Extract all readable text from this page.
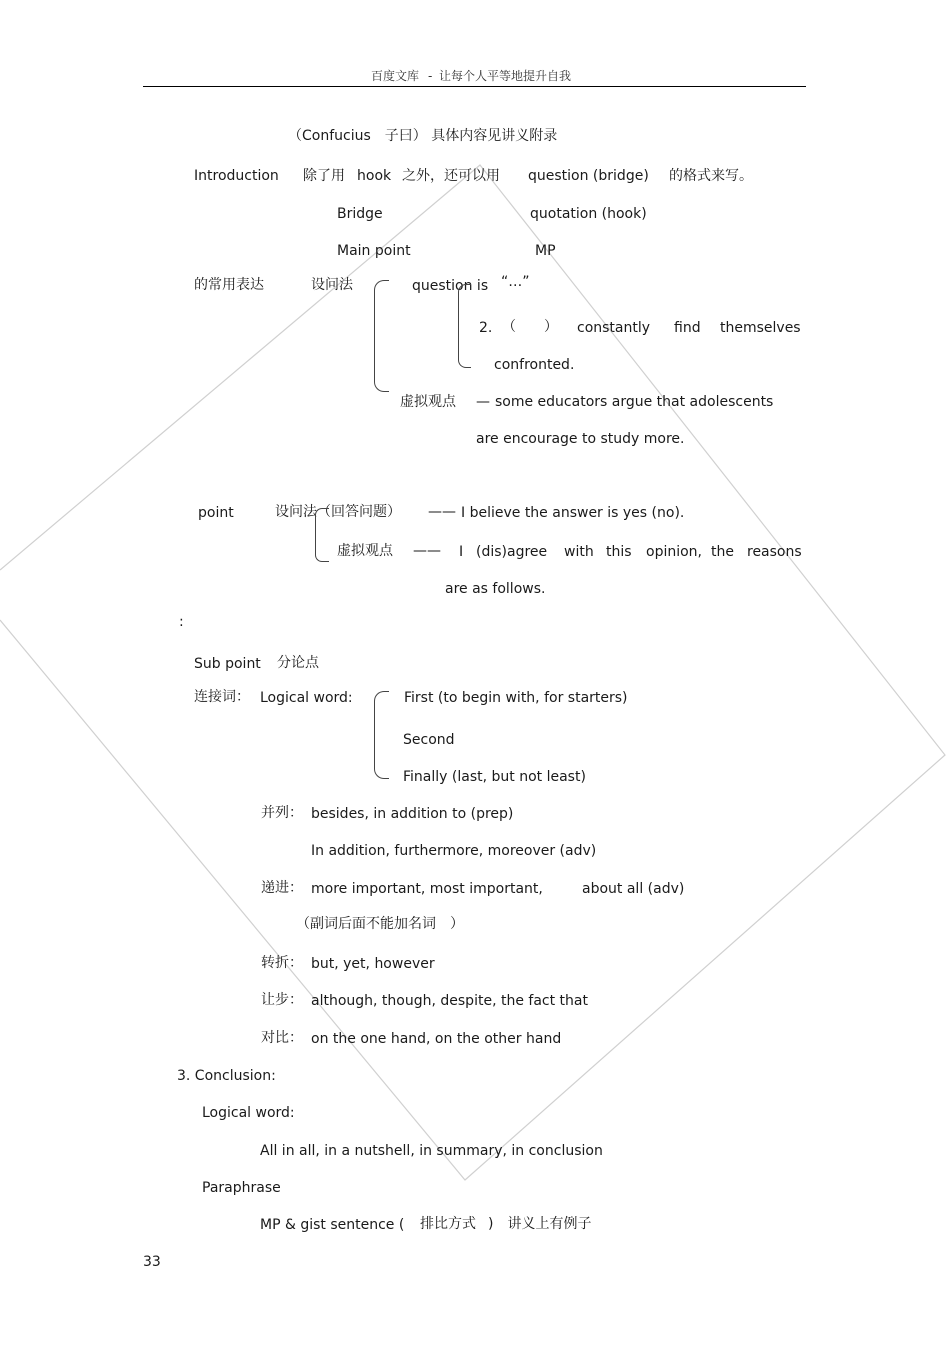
百度文库 - 让每个人平等地提升自我
（Confucius　子曰） 具体内容见讲义附录
Introduction 除了用 hook 之外，还可以用 question (bridge) 的格式来写。
Bridge	quotation (hook)
Main point	MP
的常用表达	设问法	question is “…”
2. （　　） constantly find themselves
confronted.
虚拟观点 — some educators argue that adolescents
are encourage to study more.
point	设问法（回答问题） —— I believe the answer is yes (no).
虚拟观点 —— I (dis)agree with this opinion, the reasons
are as follows.
:
Sub point 分论点
连接词： Logical word:	First (to begin with, for starters)
Second
Finally (last, but not least)
并列： besides, in addition to (prep)
In addition, furthermore, moreover (adv)
递进： more important, most important,	about all (adv)
（副词后面不能加名词　）
转折： but, yet, however
让步： although, though, despite, the fact that
对比： on the one hand, on the other hand
3. Conclusion:
Logical word:
All in all, in a nutshell, in summary, in conclusion
Paraphrase
MP & gist sentence ( 排比方式 )　讲义上有例子
33
